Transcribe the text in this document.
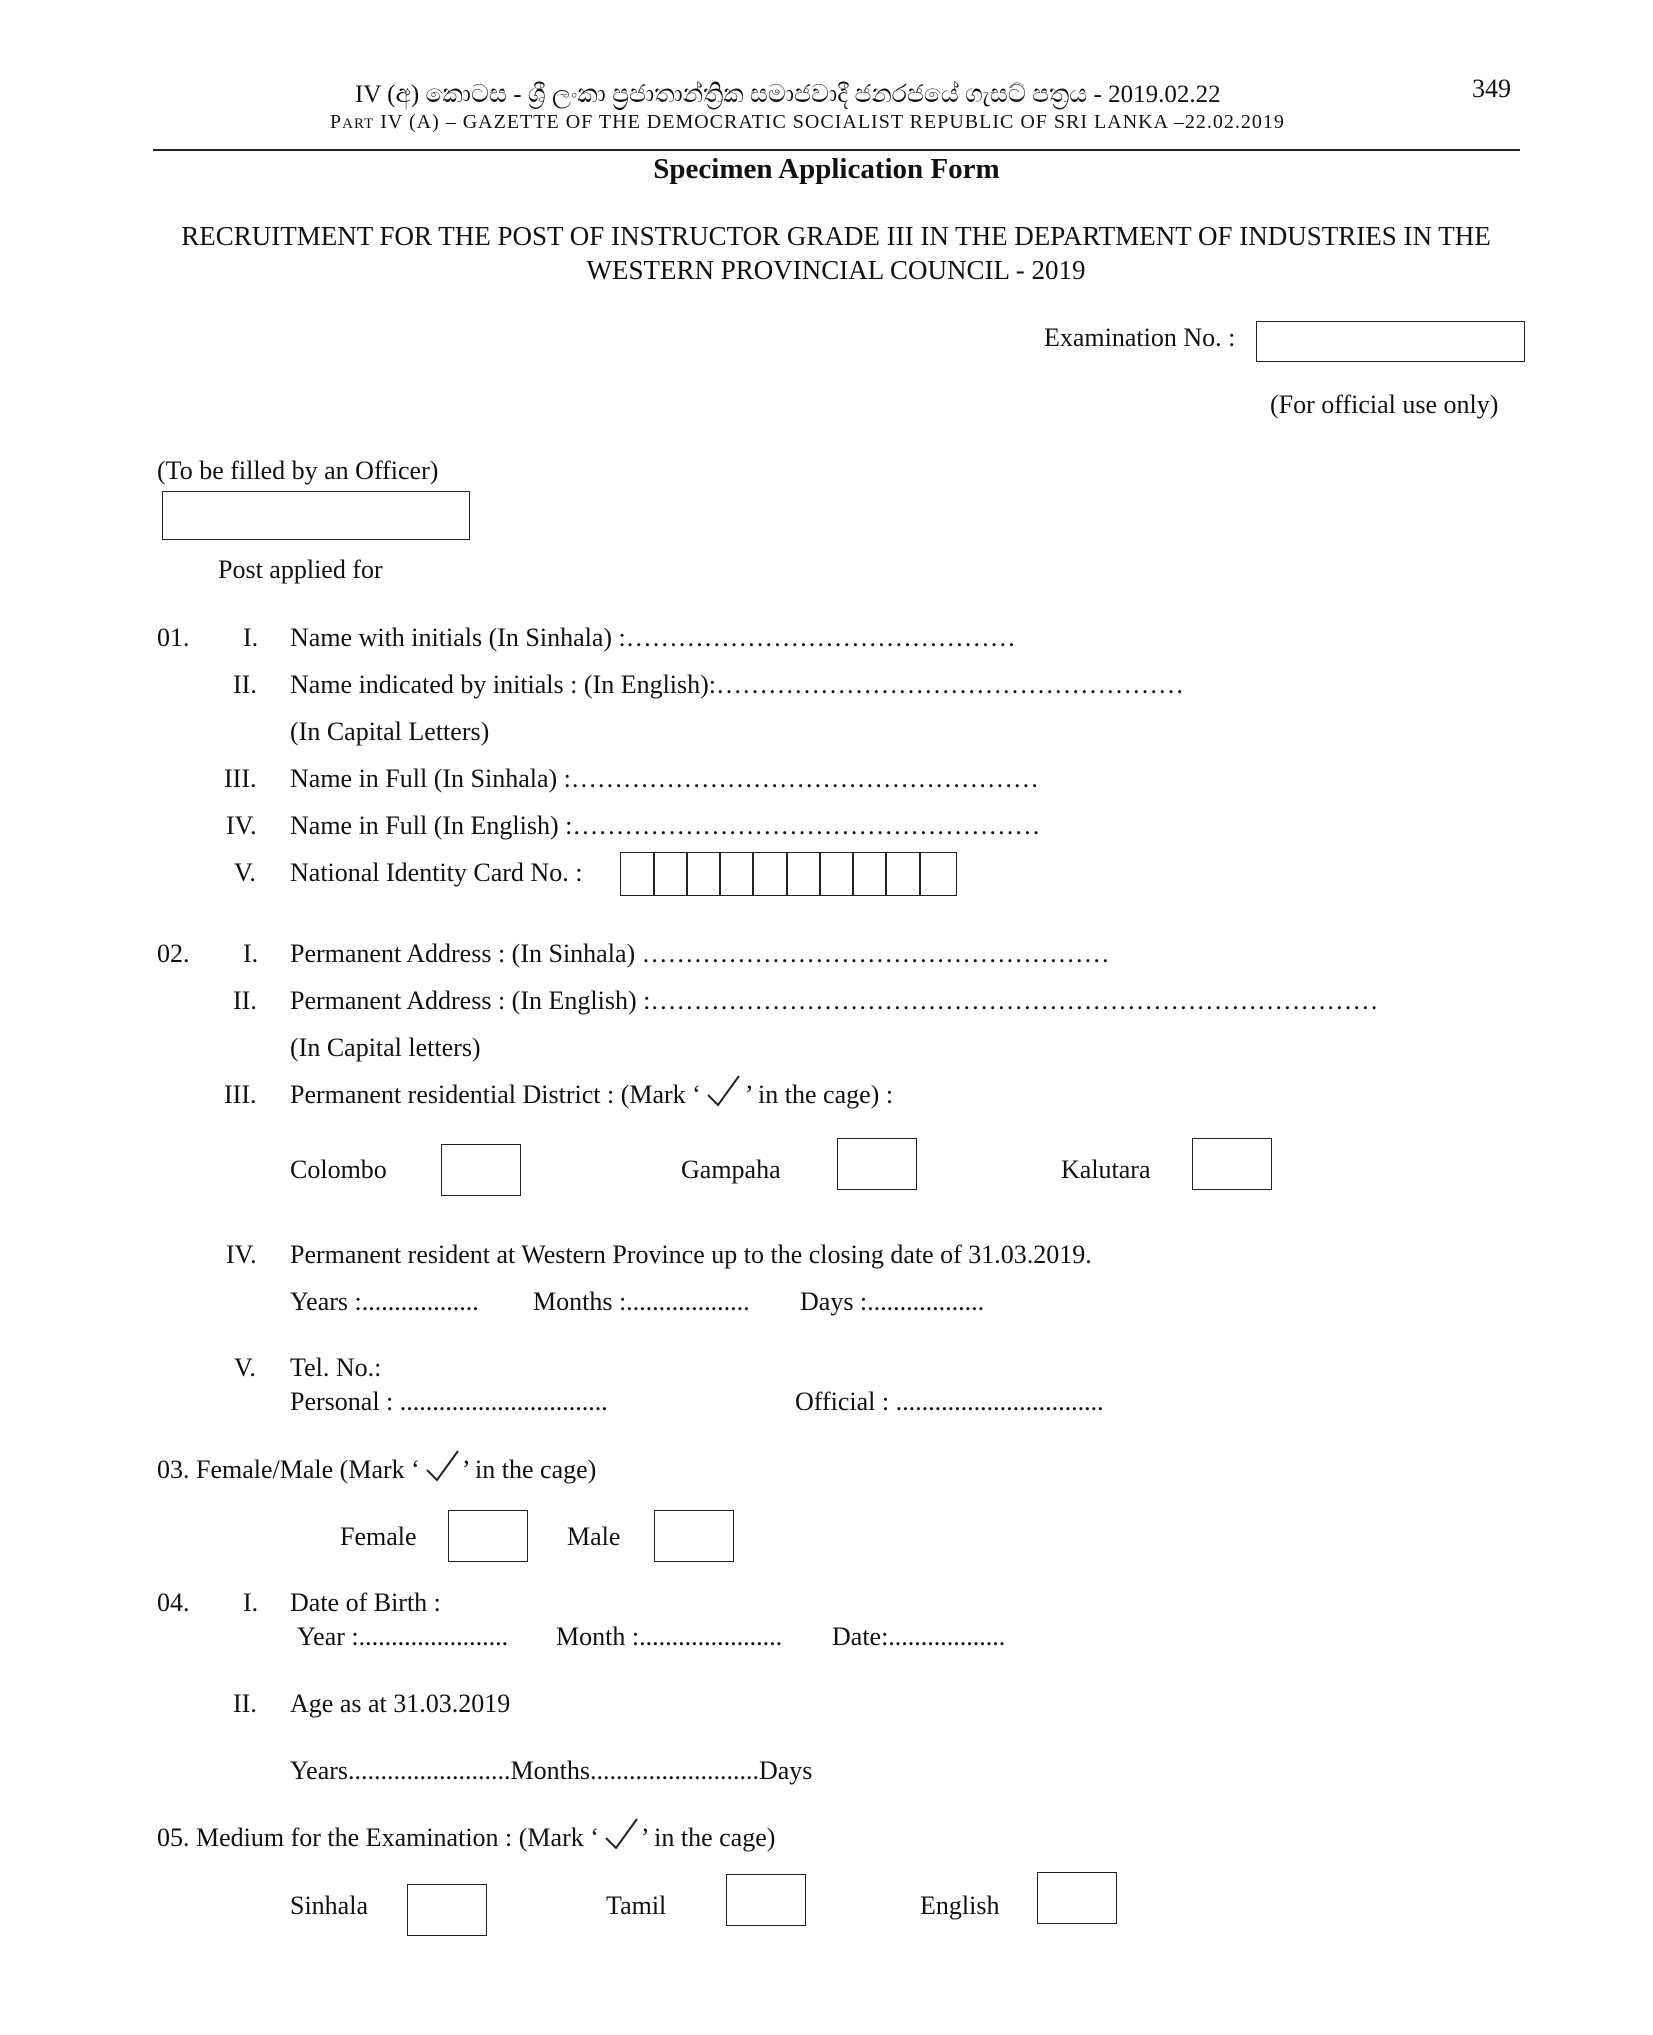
IV (අ) කොටස - ශ්‍රී ලංකා ප්‍රජාතාන්ත්‍රික සමාජවාදී ජනරජයේ ගැසට් පත්‍රය - 2019.02.22
PART IV (A) – GAZETTE OF THE DEMOCRATIC SOCIALIST REPUBLIC OF SRI LANKA –22.02.2019
349
Specimen Application Form
RECRUITMENT FOR THE POST OF INSTRUCTOR GRADE III IN THE DEPARTMENT OF INDUSTRIES IN THE
WESTERN PROVINCIAL COUNCIL - 2019
Examination No. :
(For official use only)
(To be filled by an Officer)
Post applied for
01. I. Name with initials (In Sinhala) :………………………………………
II. Name indicated by initials : (In English):………………………………………………
(In Capital Letters)
III. Name in Full (In Sinhala) :………………………………………………
IV. Name in Full (In English) :………………………………………………
V. National Identity Card No. :
02. I. Permanent Address : (In Sinhala) ………………………………………………
II. Permanent Address : (In English) :…………………………………………………………………………
(In Capital letters)
III. Permanent residential District : (Mark ‘ ’ in the cage) :
Colombo	Gampaha	Kalutara
IV. Permanent resident at Western Province up to the closing date of 31.03.2019.
Years :.................. Months :................... Days :..................
V. Tel. No.:
Personal : ................................	Official : ................................
03. Female/Male (Mark ‘ ’ in the cage)
Female	Male
04. I. Date of Birth :
Year :....................... Month :...................... Date:..................
II. Age as at 31.03.2019
Years.........................Months..........................Days
05. Medium for the Examination : (Mark ‘ ’ in the cage)
Sinhala	Tamil	English
